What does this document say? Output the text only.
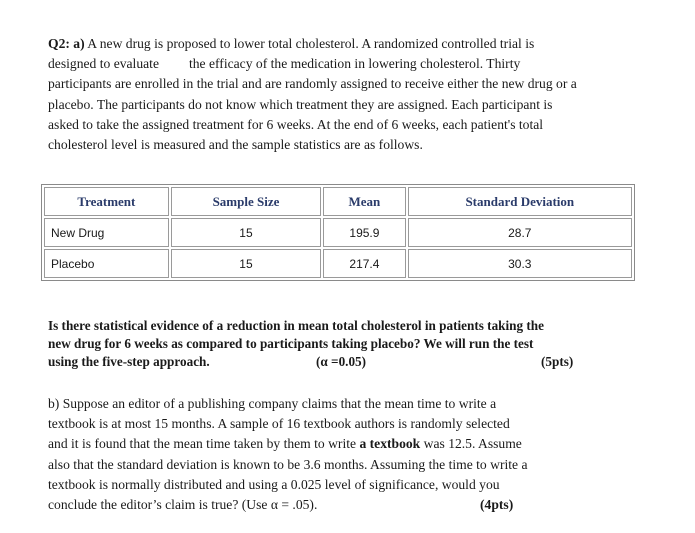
Q2: a) A new drug is proposed to lower total cholesterol. A randomized controlled trial is
designed to evaluate the efficacy of the medication in lowering cholesterol. Thirty
participants are enrolled in the trial and are randomly assigned to receive either the new drug or a
placebo. The participants do not know which treatment they are assigned. Each participant is
asked to take the assigned treatment for 6 weeks. At the end of 6 weeks, each patient's total
cholesterol level is measured and the sample statistics are as follows.

Treatment	Sample Size	Mean	Standard Deviation
New Drug	15	195.9	28.7
Placebo	15	217.4	30.3

Is there statistical evidence of a reduction in mean total cholesterol in patients taking the
new drug for 6 weeks as compared to participants taking placebo? We will run the test

using the five-step approach.	(α =0.05)	(5pts)

b) Suppose an editor of a publishing company claims that the mean time to write a
textbook is at most 15 months. A sample of 16 textbook authors is randomly selected
and it is found that the mean time taken by them to write a textbook was 12.5. Assume
also that the standard deviation is known to be 3.6 months. Assuming the time to write a
textbook is normally distributed and using a 0.025 level of significance, would you
conclude the editor’s claim is true? (Use α = .05).	(4pts)
